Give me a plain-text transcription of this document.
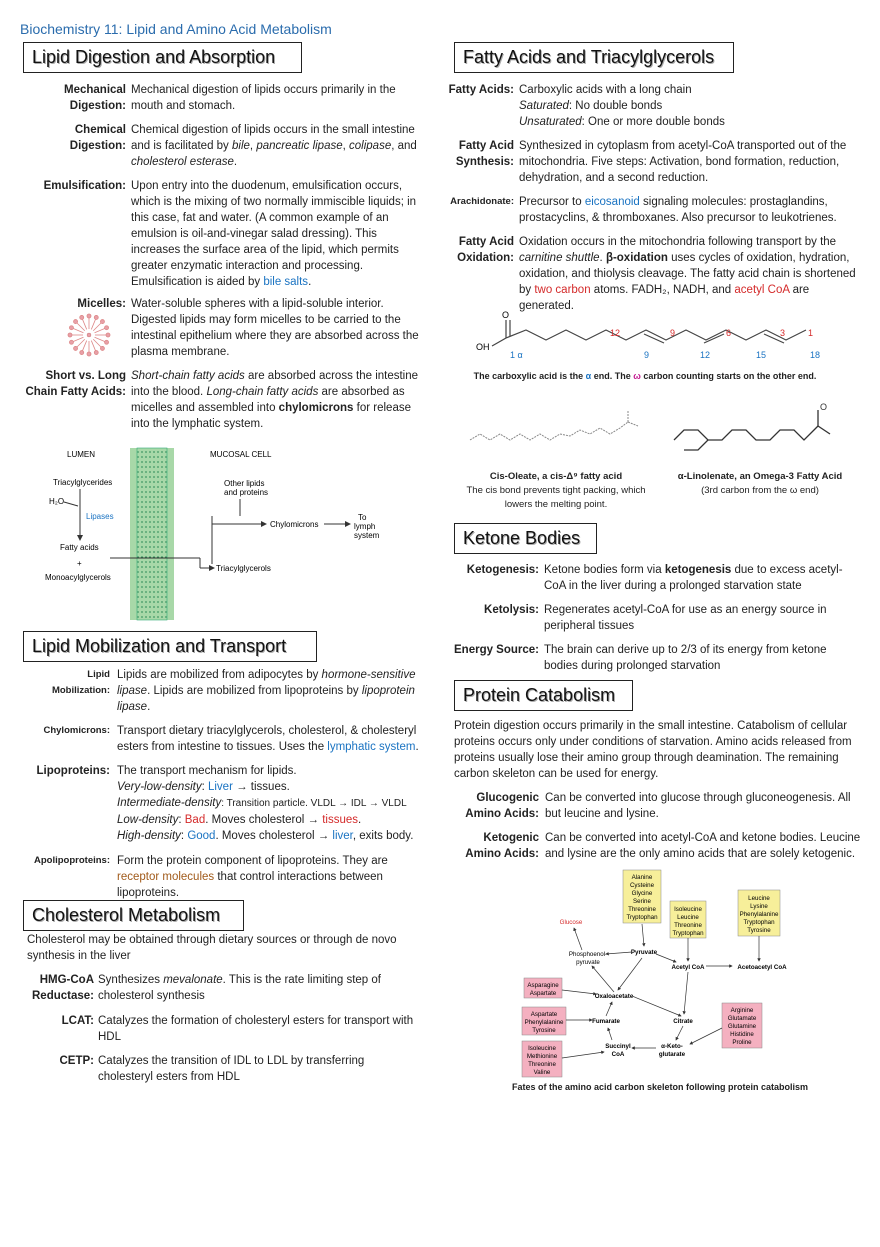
Biochemistry 11: Lipid and Amino Acid Metabolism
Lipid Digestion and Absorption
Mechanical Digestion:
Mechanical digestion of lipids occurs primarily in the mouth and stomach.
Chemical Digestion:
Chemical digestion of lipids occurs in the small intestine and is facilitated by bile, pancreatic lipase, colipase, and cholesterol esterase.
Emulsification: Upon entry into the duodenum, emulsification occurs, which is the mixing of two normally immiscible liquids; in this case, fat and water. (A common example of an emulsion is oil-and-vinegar salad dressing). This increases the surface area of the lipid, which permits greater enzymatic interaction and processing. Emulsification is aided by bile salts.
Micelles: Water-soluble spheres with a lipid-soluble interior. Digested lipids may form micelles to be carried to the intestinal epithelium where they are absorbed across the plasma membrane.
Short vs. Long Chain Fatty Acids:
Short-chain fatty acids are absorbed across the intestine into the blood. Long-chain fatty acids are absorbed as micelles and assembled into chylomicrons for release into the lymphatic system.
LUMEN	MUCOSAL CELL
Triacylglycerides
H₂O
Lipases
Fatty acids
+
Monoacylglycerols
Triacylglycerols
Other lipids
and proteins
Chylomicrons
To
lymph
system
Lipid Mobilization and Transport
Lipid Mobilization:
Lipids are mobilized from adipocytes by hormone-sensitive lipase. Lipids are mobilized from lipoproteins by lipoprotein lipase.
Chylomicrons: Transport dietary triacylglycerols, cholesterol, & cholesteryl esters from intestine to tissues. Uses the lymphatic system.
Lipoproteins: The transport mechanism for lipids.
Very-low-density: Liver → tissues.
Intermediate-density: Transition particle. VLDL → IDL → VLDL
Low-density: Bad. Moves cholesterol → tissues.
High-density: Good. Moves cholesterol → liver, exits body.
Apolipoproteins: Form the protein component of lipoproteins. They are receptor molecules that control interactions between lipoproteins.
Cholesterol Metabolism
Cholesterol may be obtained through dietary sources or through de novo synthesis in the liver
HMG-CoA Reductase:
Synthesizes mevalonate. This is the rate limiting step of cholesterol synthesis
LCAT: Catalyzes the formation of cholesteryl esters for transport with HDL
CETP: Catalyzes the transition of IDL to LDL by transferring cholesteryl esters from HDL
Fatty Acids and Triacylglycerols
Fatty Acids: Carboxylic acids with a long chain
Saturated: No double bonds
Unsaturated: One or more double bonds
Fatty Acid Synthesis:
Synthesized in cytoplasm from acetyl-CoA transported out of the mitochondria. Five steps: Activation, bond formation, reduction, dehydration, and a second reduction.
Arachidonate: Precursor to eicosanoid signaling molecules: prostaglandins, prostacyclins, & thromboxanes. Also precursor to leukotrienes.
Fatty Acid Oxidation:
Oxidation occurs in the mitochondria following transport by the carnitine shuttle. β-oxidation uses cycles of oxidation, hydration, oxidation, and thiolysis cleavage. The fatty acid chain is shortened by two carbon atoms. FADH₂, NADH, and acetyl CoA are generated.
O
OH
12	9	6	3	1
1 α	9	12	15	18
The carboxylic acid is the α end. The ω carbon counting starts on the other end.
O
Cis-Oleate, a cis-Δ⁹ fatty acid
The cis bond prevents tight packing, which lowers the melting point.
α-Linolenate, an Omega-3 Fatty Acid
(3rd carbon from the ω end)
Ketone Bodies
Ketogenesis: Ketone bodies form via ketogenesis due to excess acetyl-CoA in the liver during a prolonged starvation state
Ketolysis: Regenerates acetyl-CoA for use as an energy source in peripheral tissues
Energy Source: The brain can derive up to 2/3 of its energy from ketone bodies during prolonged starvation
Protein Catabolism
Protein digestion occurs primarily in the small intestine. Catabolism of cellular proteins occurs only under conditions of starvation. Amino acids released from proteins usually lose their amino group through deamination. The remaining carbon skeleton can be used for energy.
Glucogenic Amino Acids:
Can be converted into glucose through gluconeogenesis. All but leucine and lysine.
Ketogenic Amino Acids:
Can be converted into acetyl-CoA and ketone bodies. Leucine and lysine are the only amino acids that are solely ketogenic.
Alanine
Cysteine
Glycine
Serine
Threonine
Tryptophan
Isoleucine
Leucine
Threonine
Tryptophan
Leucine
Lysine
Phenylalanine
Tryptophan
Tyrosine
Glucose
Phosphoenol-
pyruvate
Pyruvate
Acetyl CoA	Acetoacetyl CoA
Asparagine
Aspartate	Oxaloacetate
Aspartate
Phenylalanine
Tyrosine
Fumarate	Citrate
Arginine
Glutamate
Glutamine
Histidine
Proline
Isoleucine
Methionine
Threonine
Valine
Succinyl
CoA
α-Keto-
glutarate
Fates of the amino acid carbon skeleton following protein catabolism
